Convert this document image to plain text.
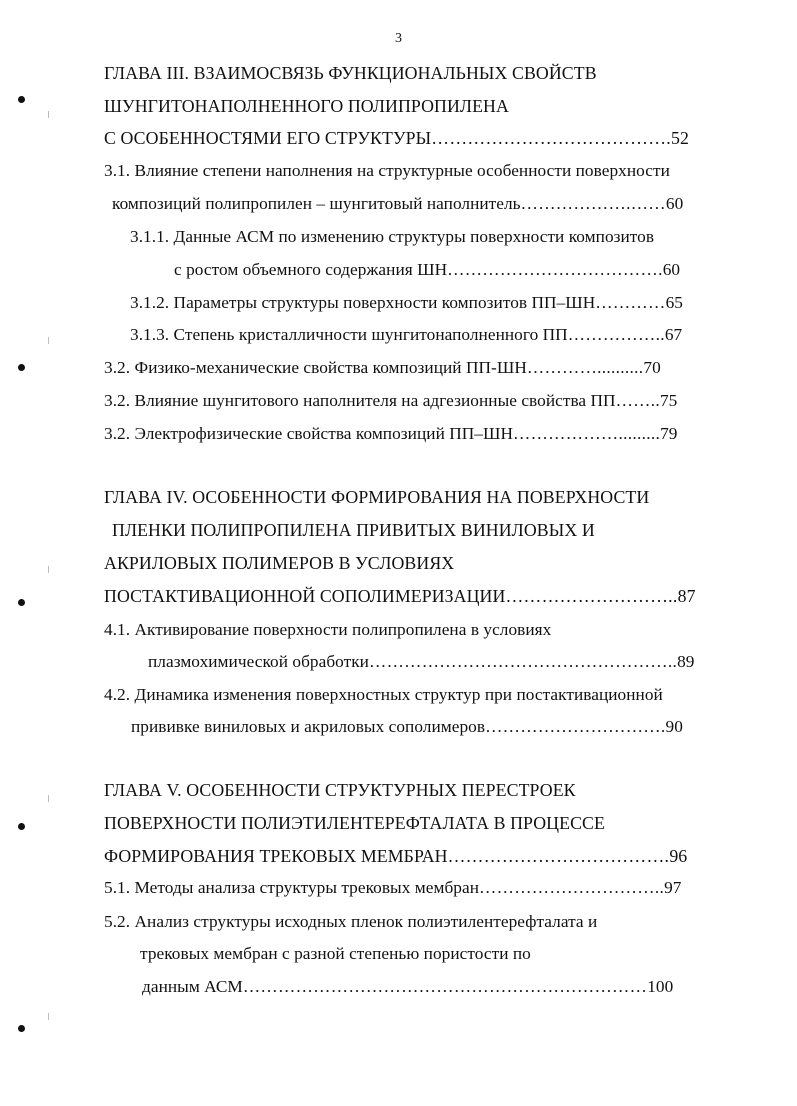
3
ГЛАВА III. ВЗАИМОСВЯЗЬ ФУНКЦИОНАЛЬНЫХ СВОЙСТВ
ШУНГИТОНАПОЛНЕННОГО ПОЛИПРОПИЛЕНА
С ОСОБЕННОСТЯМИ ЕГО СТРУКТУРЫ………………………………….52
3.1. Влияние степени наполнения на структурные особенности поверхности
композиций полипропилен – шунгитовый наполнитель……………….……60
3.1.1. Данные АСМ по изменению структуры поверхности композитов
с ростом объемного содержания ШН……………………………….60
3.1.2. Параметры структуры поверхности композитов ПП–ШН…………65
3.1.3. Степень кристалличности шунгитонаполненного ПП……………..67
3.2. Физико-механические свойства композиций ПП-ШН…………..........70
3.2. Влияние шунгитового наполнителя на адгезионные свойства ПП……..75
3.2. Электрофизические свойства композиций ПП–ШН……………….........79
ГЛАВА IV. ОСОБЕННОСТИ ФОРМИРОВАНИЯ НА ПОВЕРХНОСТИ
ПЛЕНКИ ПОЛИПРОПИЛЕНА ПРИВИТЫХ ВИНИЛОВЫХ И
АКРИЛОВЫХ ПОЛИМЕРОВ В УСЛОВИЯХ
ПОСТАКТИВАЦИОННОЙ СОПОЛИМЕРИЗАЦИИ………………………..87
4.1. Активирование поверхности полипропилена в условиях
плазмохимической обработки……………………………………………..89
4.2. Динамика изменения поверхностных структур при постактивационной
прививке виниловых и акриловых сополимеров………………………….90
ГЛАВА V. ОСОБЕННОСТИ СТРУКТУРНЫХ ПЕРЕСТРОЕК
ПОВЕРХНОСТИ ПОЛИЭТИЛЕНТЕРЕФТАЛАТА В ПРОЦЕССЕ
ФОРМИРОВАНИЯ ТРЕКОВЫХ МЕМБРАН……………………………….96
5.1. Методы анализа структуры трековых мембран…………………………..97
5.2. Анализ структуры исходных пленок полиэтилентерефталата и
трековых мембран с разной степенью пористости по
данным АСМ……………………………………………………………100
